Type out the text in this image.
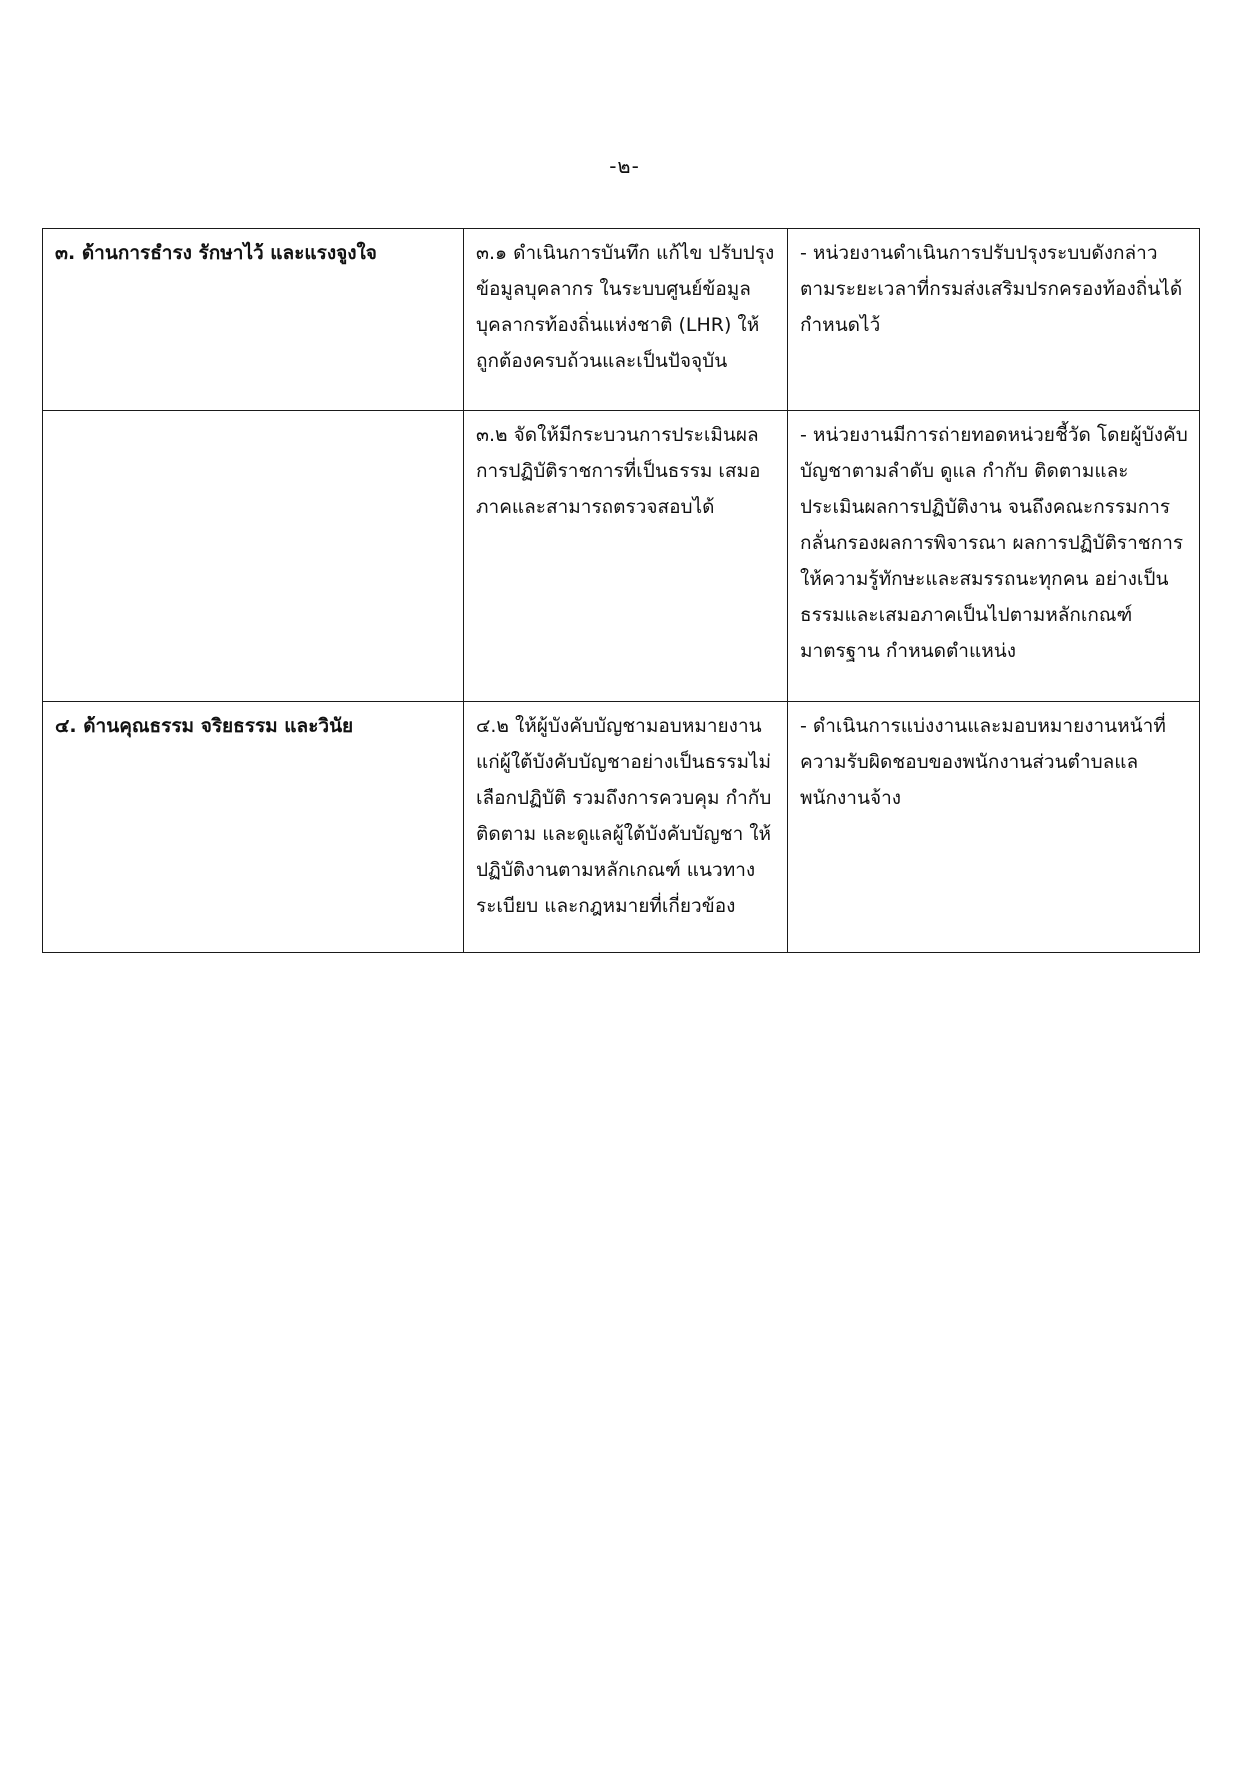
-๒-
๓. ด้านการธำรง รักษาไว้ และแรงจูงใจ	๓.๑ ดำเนินการบันทึก แก้ไข ปรับปรุงข้อมูลบุคลากร ในระบบศูนย์ข้อมูลบุคลากรท้องถิ่นแห่งชาติ (LHR) ให้ถูกต้องครบถ้วนและเป็นปัจจุบัน	- หน่วยงานดำเนินการปรับปรุงระบบดังกล่าวตามระยะเวลาที่กรมส่งเสริมปรกครองท้องถิ่นได้กำหนดไว้

	๓.๒ จัดให้มีกระบวนการประเมินผลการปฏิบัติราชการที่เป็นธรรม เสมอภาคและสามารถตรวจสอบได้	- หน่วยงานมีการถ่ายทอดหน่วยชี้วัด โดยผู้บังคับบัญชาตามลำดับ ดูแล กำกับ ติดตามและประเมินผลการปฏิบัติงาน จนถึงคณะกรรมการกลั่นกรองผลการพิจารณา ผลการปฏิบัติราชการ ให้ความรู้ทักษะและสมรรถนะทุกคน อย่างเป็นธรรมและเสมอภาคเป็นไปตามหลักเกณฑ์ มาตรฐาน กำหนดตำแหน่ง

๔. ด้านคุณธรรม จริยธรรม และวินัย	๔.๒ ให้ผู้บังคับบัญชามอบหมายงานแก่ผู้ใต้บังคับบัญชาอย่างเป็นธรรมไม่เลือกปฏิบัติ รวมถึงการควบคุม กำกับ ติดตาม และดูแลผู้ใต้บังคับบัญชา ให้ปฏิบัติงานตามหลักเกณฑ์ แนวทาง ระเบียบ และกฎหมายที่เกี่ยวข้อง	- ดำเนินการแบ่งงานและมอบหมายงานหน้าที่ความรับผิดชอบของพนักงานส่วนตำบลแลพนักงานจ้าง
